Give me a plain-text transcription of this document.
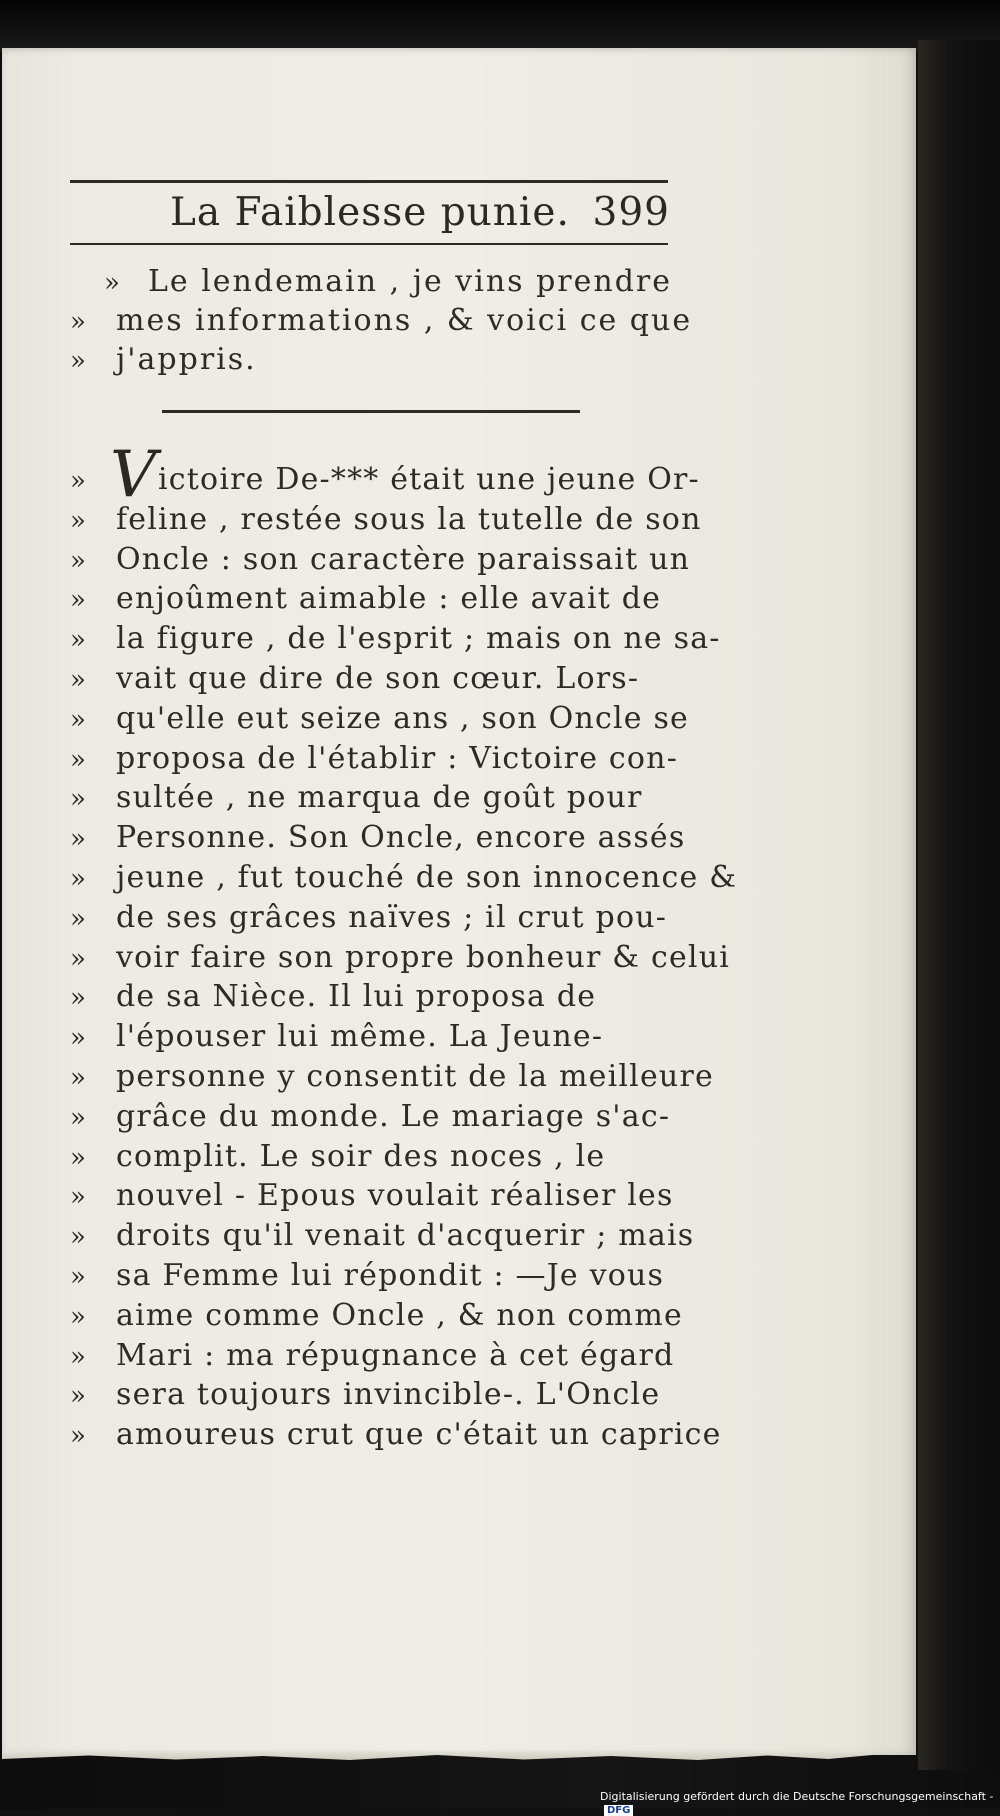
La Faiblesse punie. 399
» Le lendemain , je vins prendre
» mes informations , & voici ce que
» j'appris.
V
» ictoire De-*** était une jeune Or-
» feline , restée sous la tutelle de son
» Oncle : son caractère paraissait un
» enjoûment aimable : elle avait de
» la figure , de l'esprit ; mais on ne sa-
» vait que dire de son cœur. Lors-
» qu'elle eut seize ans , son Oncle se
» proposa de l'établir : Victoire con-
» sultée , ne marqua de goût pour
» Personne. Son Oncle, encore assés
» jeune , fut touché de son innocence &
» de ses grâces naïves ; il crut pou-
» voir faire son propre bonheur & celui
» de sa Nièce. Il lui proposa de
» l'épouser lui même. La Jeune-
» personne y consentit de la meilleure
» grâce du monde. Le mariage s'ac-
» complit. Le soir des noces , le
» nouvel - Epous voulait réaliser les
» droits qu'il venait d'acquerir ; mais
» sa Femme lui répondit : —Je vous
» aime comme Oncle , & non comme
» Mari : ma répugnance à cet égard
» sera toujours invincible-. L'Oncle
» amoureus crut que c'était un caprice
Digitalisierung gefördert durch die Deutsche Forschungsgemeinschaft -DFG
